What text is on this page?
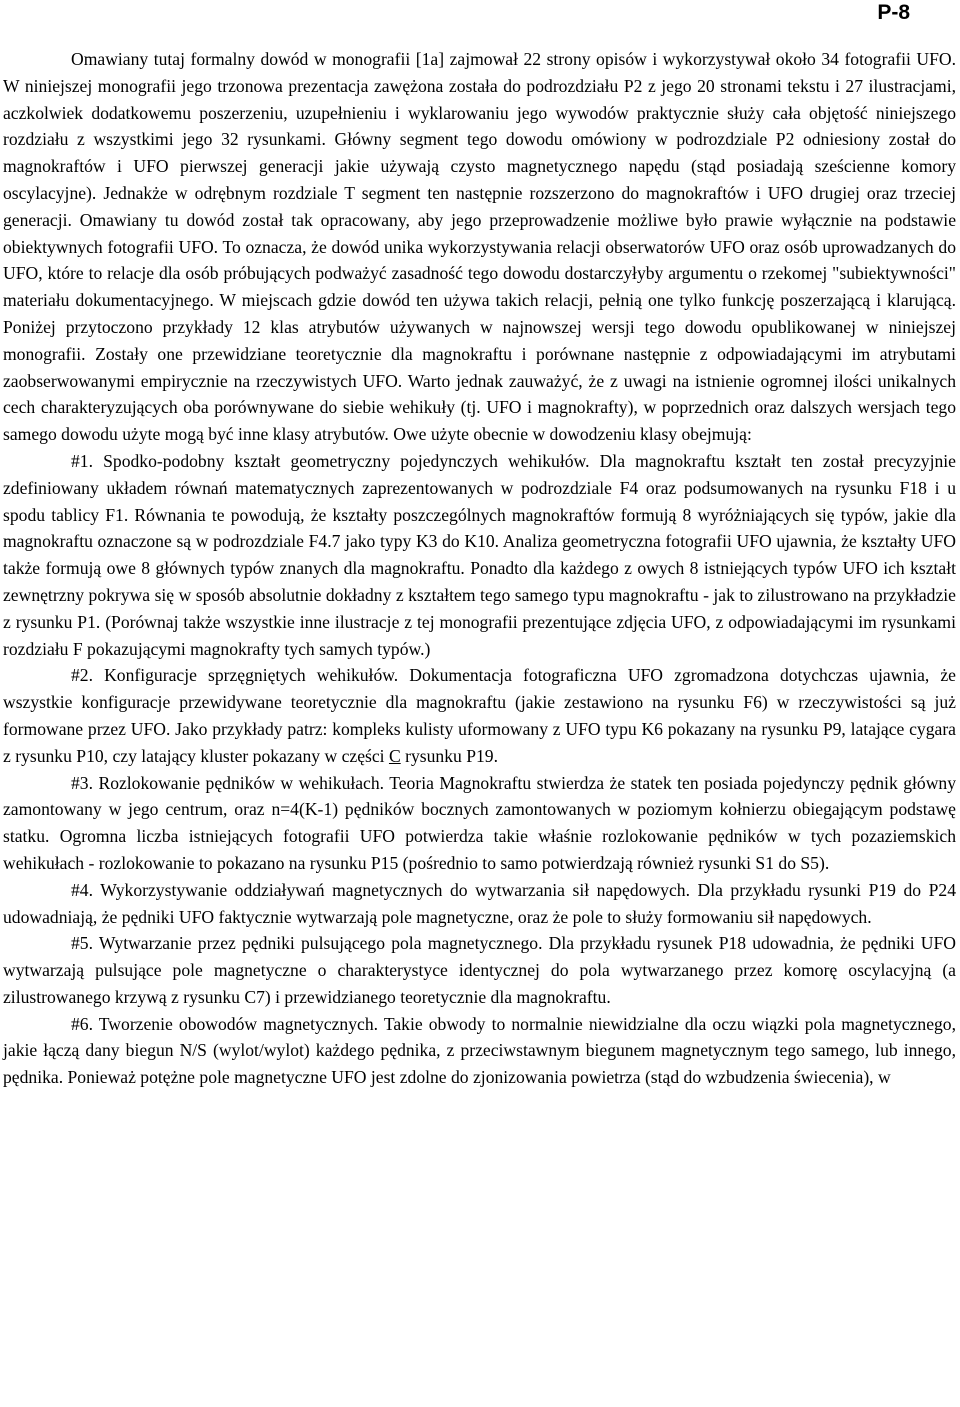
P-8

Omawiany tutaj formalny dowód w monografii [1a] zajmował 22 strony opisów i wykorzystywał około 34 fotografii UFO. W niniejszej monografii jego trzonowa prezentacja zawężona została do podrozdziału P2 z jego 20 stronami tekstu i 27 ilustracjami, aczkolwiek dodatkowemu poszerzeniu, uzupełnieniu i wyklarowaniu jego wywodów praktycznie służy cała objętość niniejszego rozdziału z wszystkimi jego 32 rysunkami. Główny segment tego dowodu omówiony w podrozdziale P2 odniesiony został do magnokraftów i UFO pierwszej generacji jakie używają czysto magnetycznego napędu (stąd posiadają sześcienne komory oscylacyjne). Jednakże w odrębnym rozdziale T segment ten następnie rozszerzono do magnokraftów i UFO drugiej oraz trzeciej generacji. Omawiany tu dowód został tak opracowany, aby jego przeprowadzenie możliwe było prawie wyłącznie na podstawie obiektywnych fotografii UFO. To oznacza, że dowód unika wykorzystywania relacji obserwatorów UFO oraz osób uprowadzanych do UFO, które to relacje dla osób próbujących podważyć zasadność tego dowodu dostarczyłyby argumentu o rzekomej "subiektywności" materiału dokumentacyjnego. W miejscach gdzie dowód ten używa takich relacji, pełnią one tylko funkcję poszerzającą i klarującą. Poniżej przytoczono przykłady 12 klas atrybutów używanych w najnowszej wersji tego dowodu opublikowanej w niniejszej monografii. Zostały one przewidziane teoretycznie dla magnokraftu i porównane następnie z odpowiadającymi im atrybutami zaobserwowanymi empirycznie na rzeczywistych UFO. Warto jednak zauważyć, że z uwagi na istnienie ogromnej ilości unikalnych cech charakteryzujących oba porównywane do siebie wehikuły (tj. UFO i magnokrafty), w poprzednich oraz dalszych wersjach tego samego dowodu użyte mogą być inne klasy atrybutów. Owe użyte obecnie w dowodzeniu klasy obejmują:

#1. Spodko-podobny kształt geometryczny pojedynczych wehikułów. Dla magnokraftu kształt ten został precyzyjnie zdefiniowany układem równań matematycznych zaprezentowanych w podrozdziale F4 oraz podsumowanych na rysunku F18 i u spodu tablicy F1. Równania te powodują, że kształty poszczególnych magnokraftów formują 8 wyróżniających się typów, jakie dla magnokraftu oznaczone są w podrozdziale F4.7 jako typy K3 do K10. Analiza geometryczna fotografii UFO ujawnia, że kształty UFO także formują owe 8 głównych typów znanych dla magnokraftu. Ponadto dla każdego z owych 8 istniejących typów UFO ich kształt zewnętrzny pokrywa się w sposób absolutnie dokładny z kształtem tego samego typu magnokraftu - jak to zilustrowano na przykładzie z rysunku P1. (Porównaj także wszystkie inne ilustracje z tej monografii prezentujące zdjęcia UFO, z odpowiadającymi im rysunkami rozdziału F pokazującymi magnokrafty tych samych typów.)

#2. Konfiguracje sprzęgniętych wehikułów. Dokumentacja fotograficzna UFO zgromadzona dotychczas ujawnia, że wszystkie konfiguracje przewidywane teoretycznie dla magnokraftu (jakie zestawiono na rysunku F6) w rzeczywistości są już formowane przez UFO. Jako przykłady patrz: kompleks kulisty uformowany z UFO typu K6 pokazany na rysunku P9, latające cygara z rysunku P10, czy latający kluster pokazany w części C rysunku P19.

#3. Rozlokowanie pędników w wehikułach. Teoria Magnokraftu stwierdza że statek ten posiada pojedynczy pędnik główny zamontowany w jego centrum, oraz n=4(K-1) pędników bocznych zamontowanych w poziomym kołnierzu obiegającym podstawę statku. Ogromna liczba istniejących fotografii UFO potwierdza takie właśnie rozlokowanie pędników w tych pozaziemskich wehikułach - rozlokowanie to pokazano na rysunku P15 (pośrednio to samo potwierdzają również rysunki S1 do S5).

#4. Wykorzystywanie oddziaływań magnetycznych do wytwarzania sił napędowych. Dla przykładu rysunki P19 do P24 udowadniają, że pędniki UFO faktycznie wytwarzają pole magnetyczne, oraz że pole to służy formowaniu sił napędowych.

#5. Wytwarzanie przez pędniki pulsującego pola magnetycznego. Dla przykładu rysunek P18 udowadnia, że pędniki UFO wytwarzają pulsujące pole magnetyczne o charakterystyce identycznej do pola wytwarzanego przez komorę oscylacyjną (a zilustrowanego krzywą z rysunku C7) i przewidzianego teoretycznie dla magnokraftu.

#6. Tworzenie obowodów magnetycznych. Takie obwody to normalnie niewidzialne dla oczu wiązki pola magnetycznego, jakie łączą dany biegun N/S (wylot/wylot) każdego pędnika, z przeciwstawnym biegunem magnetycznym tego samego, lub innego, pędnika. Ponieważ potężne pole magnetyczne UFO jest zdolne do zjonizowania powietrza (stąd do wzbudzenia świecenia), w
